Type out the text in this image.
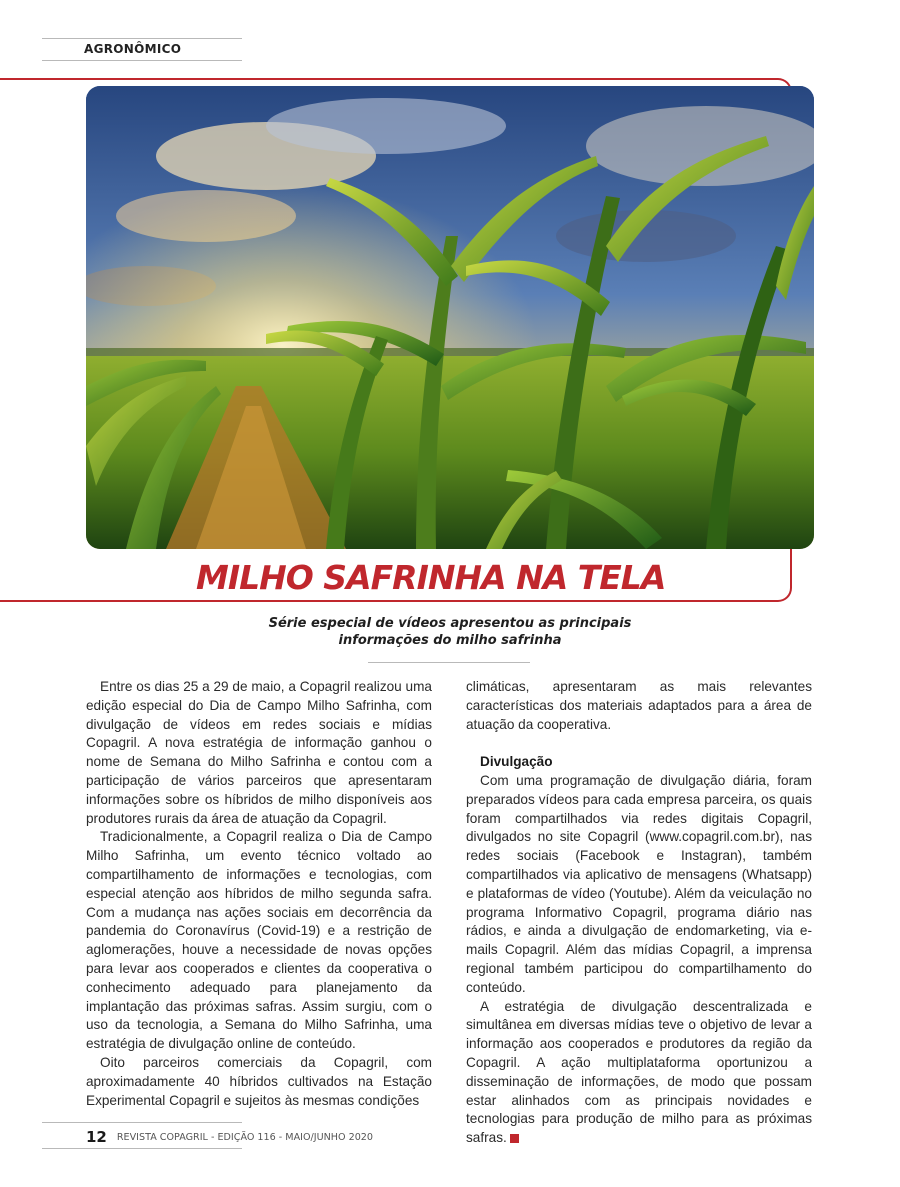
AGRONÔMICO

MILHO SAFRINHA NA TELA

Série especial de vídeos apresentou as principais informações do milho safrinha

Entre os dias 25 a 29 de maio, a Copagril realizou uma edição especial do Dia de Campo Milho Safrinha, com divulgação de vídeos em redes sociais e mídias Copagril. A nova estratégia de informação ganhou o nome de Semana do Milho Safrinha e contou com a participação de vários parceiros que apresentaram informações sobre os híbridos de milho disponíveis aos produtores rurais da área de atuação da Copagril.

Tradicionalmente, a Copagril realiza o Dia de Campo Milho Safrinha, um evento técnico voltado ao compartilhamento de informações e tecnologias, com especial atenção aos híbridos de milho segunda safra. Com a mudança nas ações sociais em decorrência da pandemia do Coronavírus (Covid-19) e a restrição de aglomerações, houve a necessidade de novas opções para levar aos cooperados e clientes da cooperativa o conhecimento adequado para planejamento da implantação das próximas safras. Assim surgiu, com o uso da tecnologia, a Semana do Milho Safrinha, uma estratégia de divulgação online de conteúdo.

Oito parceiros comerciais da Copagril, com aproximadamente 40 híbridos cultivados na Estação Experimental Copagril e sujeitos às mesmas condições

climáticas, apresentaram as mais relevantes características dos materiais adaptados para a área de atuação da cooperativa.

Divulgação

Com uma programação de divulgação diária, foram preparados vídeos para cada empresa parceira, os quais foram compartilhados via redes digitais Copagril, divulgados no site Copagril (www.copagril.com.br), nas redes sociais (Facebook e Instagran), também compartilhados via aplicativo de mensagens (Whatsapp) e plataformas de vídeo (Youtube). Além da veiculação no programa Informativo Copagril, programa diário nas rádios, e ainda a divulgação de endomarketing, via e-mails Copagril. Além das mídias Copagril, a imprensa regional também participou do compartilhamento do conteúdo.

A estratégia de divulgação descentralizada e simultânea em diversas mídias teve o objetivo de levar a informação aos cooperados e produtores da região da Copagril. A ação multiplataforma oportunizou a disseminação de informações, de modo que possam estar alinhados com as principais novidades e tecnologias para produção de milho para as próximas safras.

12 REVISTA COPAGRIL - EDIÇÃO 116 - MAIO/JUNHO 2020
